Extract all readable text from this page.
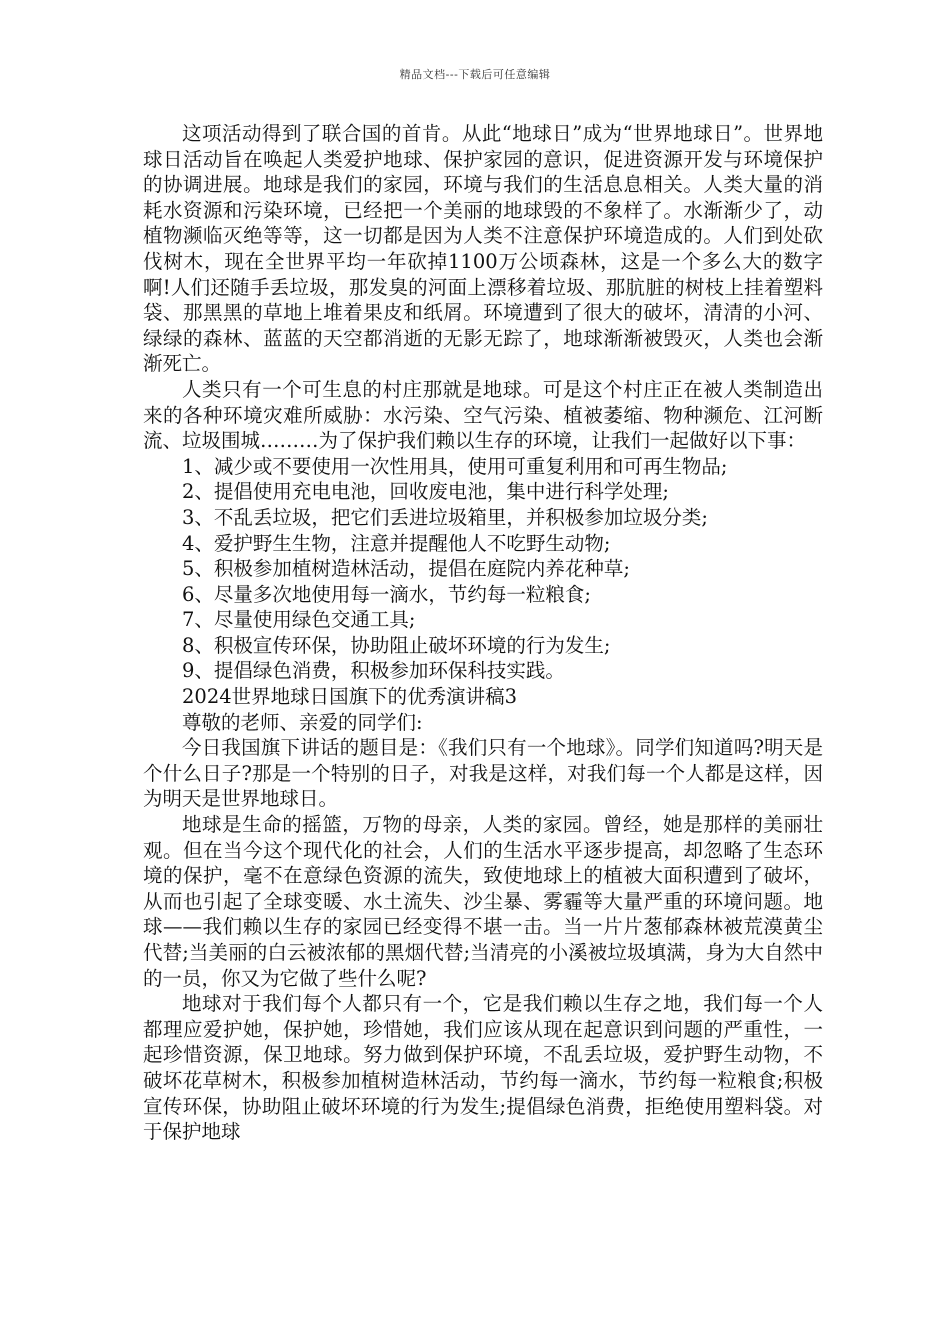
精品文档---下载后可任意编辑

这项活动得到了联合国的首肯。从此“地球日”成为“世界地球日”。世界地球日活动旨在唤起人类爱护地球、保护家园的意识，促进资源开发与环境保护的协调进展。地球是我们的家园，环境与我们的生活息息相关。人类大量的消耗水资源和污染环境，已经把一个美丽的地球毁的不象样了。水渐渐少了，动植物濒临灭绝等等，这一切都是因为人类不注意保护环境造成的。人们到处砍伐树木，现在全世界平均一年砍掉1100万公顷森林，这是一个多么大的数字啊!人们还随手丢垃圾，那发臭的河面上漂移着垃圾、那肮脏的树枝上挂着塑料袋、那黑黑的草地上堆着果皮和纸屑。环境遭到了很大的破坏，清清的小河、绿绿的森林、蓝蓝的天空都消逝的无影无踪了，地球渐渐被毁灭，人类也会渐渐死亡。

人类只有一个可生息的村庄那就是地球。可是这个村庄正在被人类制造出来的各种环境灾难所威胁：水污染、空气污染、植被萎缩、物种濒危、江河断流、垃圾围城………为了保护我们赖以生存的环境，让我们一起做好以下事：

1、减少或不要使用一次性用具，使用可重复利用和可再生物品;

2、提倡使用充电电池，回收废电池，集中进行科学处理;

3、不乱丢垃圾，把它们丢进垃圾箱里，并积极参加垃圾分类;

4、爱护野生生物，注意并提醒他人不吃野生动物;

5、积极参加植树造林活动，提倡在庭院内养花种草;

6、尽量多次地使用每一滴水，节约每一粒粮食;

7、尽量使用绿色交通工具;

8、积极宣传环保，协助阻止破坏环境的行为发生;

9、提倡绿色消费，积极参加环保科技实践。

2024世界地球日国旗下的优秀演讲稿3

尊敬的老师、亲爱的同学们:

今日我国旗下讲话的题目是：《我们只有一个地球》。同学们知道吗?明天是个什么日子?那是一个特别的日子，对我是这样，对我们每一个人都是这样，因为明天是世界地球日。

地球是生命的摇篮，万物的母亲，人类的家园。曾经，她是那样的美丽壮观。但在当今这个现代化的社会，人们的生活水平逐步提高，却忽略了生态环境的保护，毫不在意绿色资源的流失，致使地球上的植被大面积遭到了破坏，从而也引起了全球变暖、水土流失、沙尘暴、雾霾等大量严重的环境问题。地球——我们赖以生存的家园已经变得不堪一击。当一片片葱郁森林被荒漠黄尘代替;当美丽的白云被浓郁的黑烟代替;当清亮的小溪被垃圾填满，身为大自然中的一员，你又为它做了些什么呢?

地球对于我们每个人都只有一个，它是我们赖以生存之地，我们每一个人都理应爱护她，保护她，珍惜她，我们应该从现在起意识到问题的严重性，一起珍惜资源，保卫地球。努力做到保护环境，不乱丢垃圾，爱护野生动物，不破坏花草树木，积极参加植树造林活动，节约每一滴水，节约每一粒粮食;积极宣传环保，协助阻止破坏环境的行为发生;提倡绿色消费，拒绝使用塑料袋。对于保护地球
